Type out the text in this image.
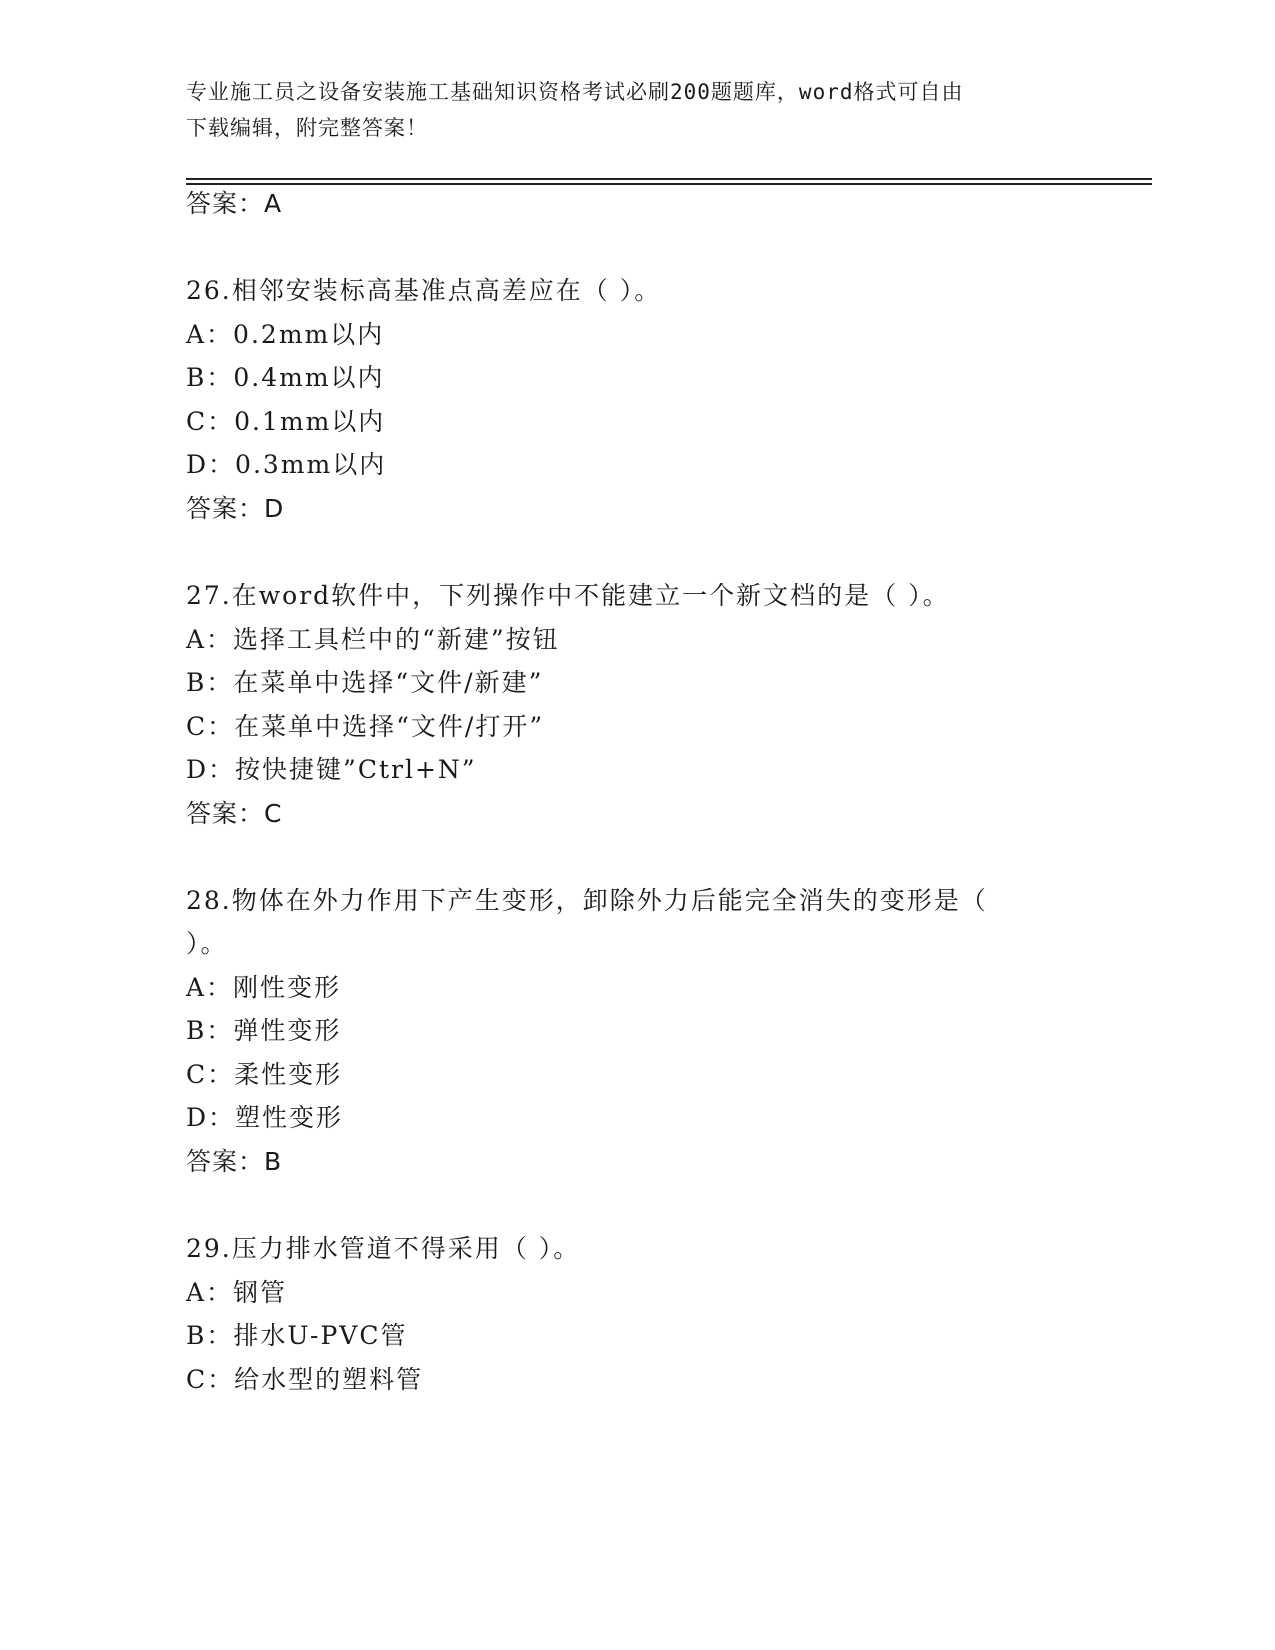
专业施工员之设备安装施工基础知识资格考试必刷200题题库，word格式可自由
下载编辑，附完整答案！
答案：A
26.相邻安装标高基准点高差应在（ ）。
A：0.2mm以内
B：0.4mm以内
C：0.1mm以内
D：0.3mm以内
答案：D
27.在word软件中，下列操作中不能建立一个新文档的是（ ）。
A：选择工具栏中的“新建”按钮
B：在菜单中选择“文件/新建”
C：在菜单中选择“文件/打开”
D：按快捷键”Ctrl+N”
答案：C
28.物体在外力作用下产生变形，卸除外力后能完全消失的变形是（
）。
A：刚性变形
B：弹性变形
C：柔性变形
D：塑性变形
答案：B
29.压力排水管道不得采用（ ）。
A：钢管
B：排水U-PVC管
C：给水型的塑料管
